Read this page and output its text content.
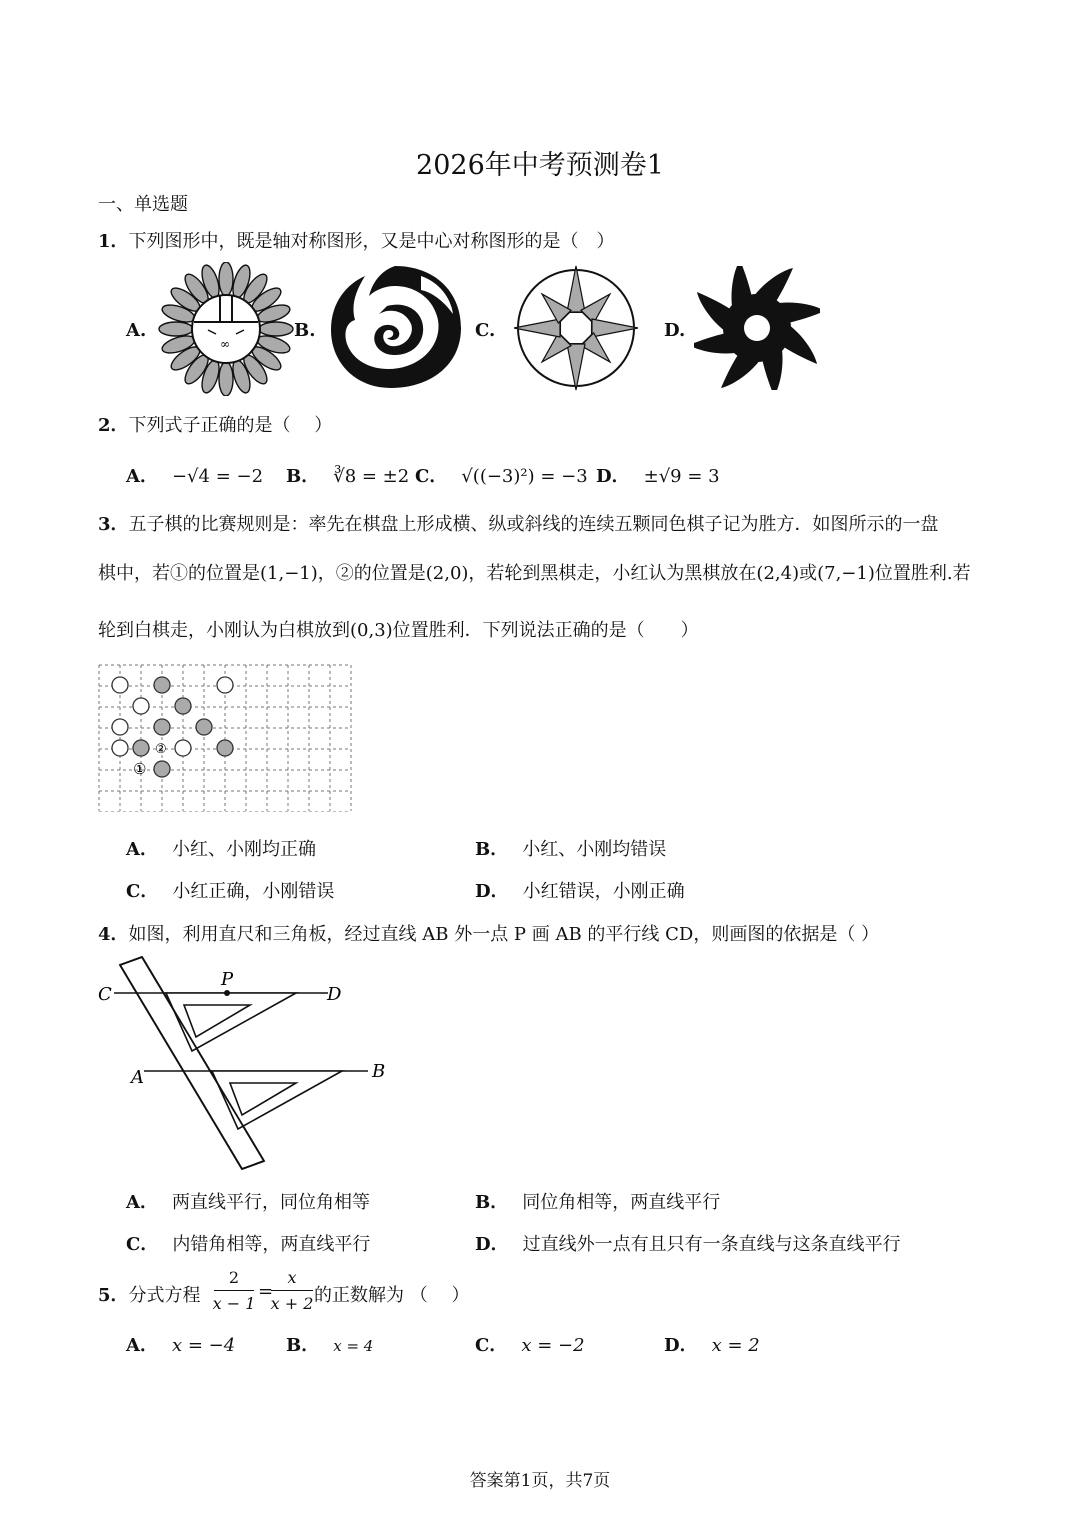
2026年中考预测卷1
一、单选题
1．下列图形中，既是轴对称图形，又是中心对称图形的是（　）
A.	B.	C.	D.
∞
2．下列式子正确的是（　 ）
A． −√4 = −2 B． ∛8 = ±2 C． √((−3)²) = −3 D． ±√9 = 3
3．五子棋的比赛规则是：率先在棋盘上形成横、纵或斜线的连续五颗同色棋子记为胜方．如图所示的一盘
棋中，若①的位置是(1,−1)，②的位置是(2,0)，若轮到黑棋走，小红认为黑棋放在(2,4)或(7,−1)位置胜利.若
轮到白棋走，小刚认为白棋放到(0,3)位置胜利．下列说法正确的是（　　）
①
②
A． 小红、小刚均正确	B． 小红、小刚均错误
C． 小红正确，小刚错误	D． 小红错误，小刚正确
4．如图，利用直尺和三角板，经过直线 AB 外一点 P 画 AB 的平行线 CD，则画图的依据是（ ）
C	D
P
A	B
A． 两直线平行，同位角相等	B． 同位角相等，两直线平行
C． 内错角相等，两直线平行	D． 过直线外一点有且只有一条直线与这条直线平行
5．分式方程
2
x − 1
=
x
x + 2 的正数解为 （　 ）
A． x = −4	B． x = 4	C． x = −2	D． x = 2
答案第1页，共7页
